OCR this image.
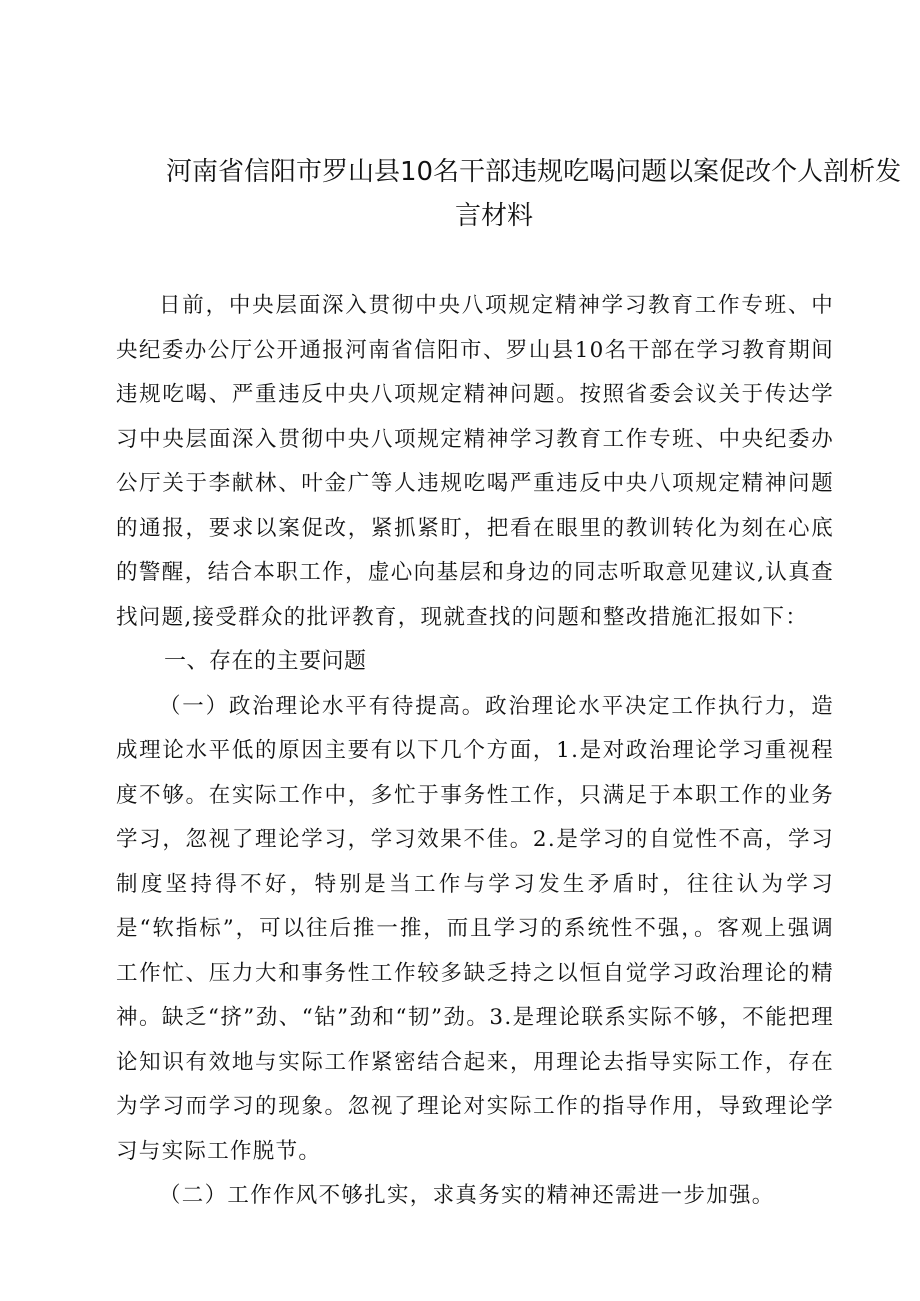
河南省信阳市罗山县10名干部违规吃喝问题以案促改个人剖析发
言材料

日前，中央层面深入贯彻中央八项规定精神学习教育工作专班、中央纪委办公厅公开通报河南省信阳市、罗山县10名干部在学习教育期间违规吃喝、严重违反中央八项规定精神问题。按照省委会议关于传达学习中央层面深入贯彻中央八项规定精神学习教育工作专班、中央纪委办公厅关于李献林、叶金广等人违规吃喝严重违反中央八项规定精神问题的通报，要求以案促改，紧抓紧盯，把看在眼里的教训转化为刻在心底的警醒，结合本职工作，虚心向基层和身边的同志听取意见建议,认真查找问题,接受群众的批评教育，现就查找的问题和整改措施汇报如下：

一、存在的主要问题

（一）政治理论水平有待提高。政治理论水平决定工作执行力，造成理论水平低的原因主要有以下几个方面，1.是对政治理论学习重视程度不够。在实际工作中，多忙于事务性工作，只满足于本职工作的业务学习，忽视了理论学习，学习效果不佳。2.是学习的自觉性不高，学习制度坚持得不好，特别是当工作与学习发生矛盾时，往往认为学习是“软指标”，可以往后推一推，而且学习的系统性不强，。客观上强调工作忙、压力大和事务性工作较多缺乏持之以恒自觉学习政治理论的精神。缺乏“挤”劲、“钻”劲和“韧”劲。3.是理论联系实际不够，不能把理论知识有效地与实际工作紧密结合起来，用理论去指导实际工作，存在为学习而学习的现象。忽视了理论对实际工作的指导作用，导致理论学习与实际工作脱节。

（二）工作作风不够扎实，求真务实的精神还需进一步加强。
